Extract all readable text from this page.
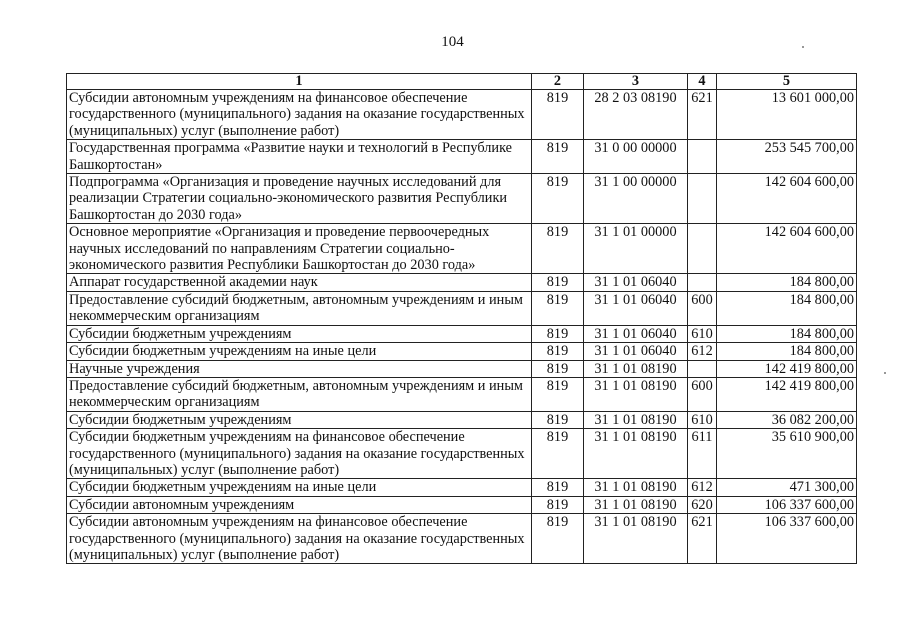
104
1	2	3	4	5
Субсидии автономным учреждениям на финансовое обеспечение государственного (муниципального) задания на оказание государственных (муниципальных) услуг (выполнение работ)	819	28 2 03 08190	621	13 601 000,00
Государственная программа «Развитие науки и технологий в Республике Башкортостан»	819	31 0 00 00000		253 545 700,00
Подпрограмма «Организация и проведение научных исследований для реализации Стратегии социально-экономического развития Республики Башкортостан до 2030 года»	819	31 1 00 00000		142 604 600,00
Основное мероприятие «Организация и проведение первоочередных научных исследований по направлениям Стратегии социально-экономического развития Республики Башкортостан до 2030 года»	819	31 1 01 00000		142 604 600,00
Аппарат государственной академии наук	819	31 1 01 06040		184 800,00
Предоставление субсидий бюджетным, автономным учреждениям и иным некоммерческим организациям	819	31 1 01 06040	600	184 800,00
Субсидии бюджетным учреждениям	819	31 1 01 06040	610	184 800,00
Субсидии бюджетным учреждениям на иные цели	819	31 1 01 06040	612	184 800,00
Научные учреждения	819	31 1 01 08190		142 419 800,00
Предоставление субсидий бюджетным, автономным учреждениям и иным некоммерческим организациям	819	31 1 01 08190	600	142 419 800,00
Субсидии бюджетным учреждениям	819	31 1 01 08190	610	36 082 200,00
Субсидии бюджетным учреждениям на финансовое обеспечение государственного (муниципального) задания на оказание государственных (муниципальных) услуг (выполнение работ)	819	31 1 01 08190	611	35 610 900,00
Субсидии бюджетным учреждениям на иные цели	819	31 1 01 08190	612	471 300,00
Субсидии автономным учреждениям	819	31 1 01 08190	620	106 337 600,00
Субсидии автономным учреждениям на финансовое обеспечение государственного (муниципального) задания на оказание государственных (муниципальных) услуг (выполнение работ)	819	31 1 01 08190	621	106 337 600,00
